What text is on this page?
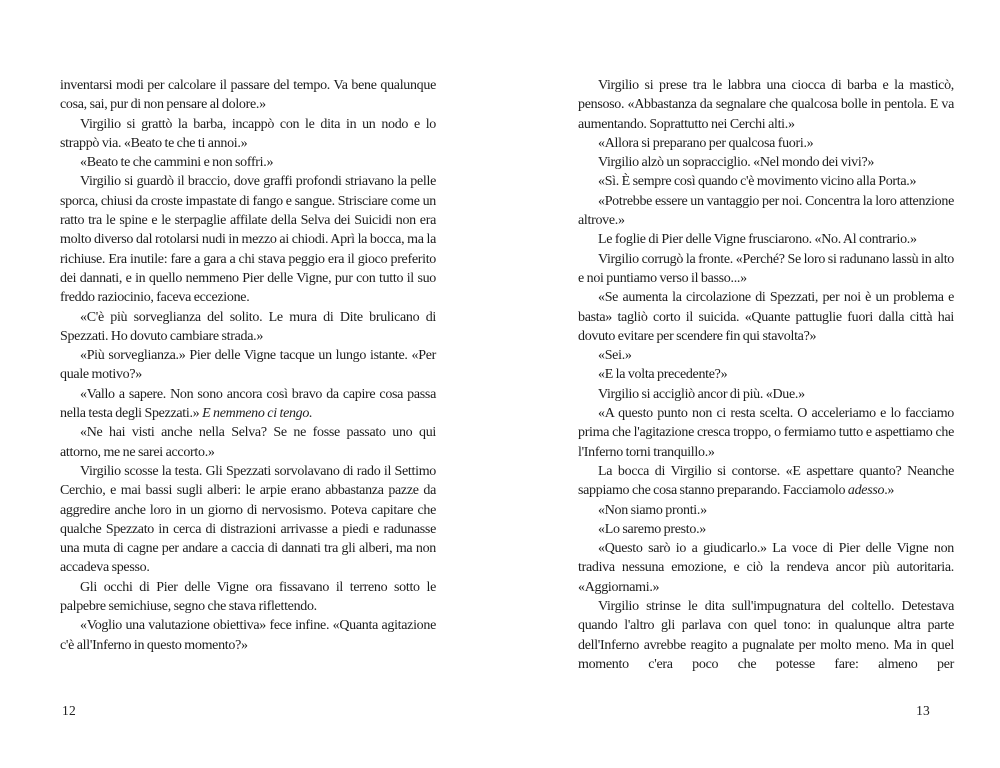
inventarsi modi per calcolare il passare del tempo. Va bene qualunque cosa, sai, pur di non pensare al dolore.»

Virgilio si grattò la barba, incappò con le dita in un nodo e lo strappò via. «Beato te che ti annoi.»

«Beato te che cammini e non soffri.»

Virgilio si guardò il braccio, dove graffi profondi striavano la pelle sporca, chiusi da croste impastate di fango e sangue. Strisciare come un ratto tra le spine e le sterpaglie affilate della Selva dei Suicidi non era molto diverso dal rotolarsi nudi in mezzo ai chiodi. Aprì la bocca, ma la richiuse. Era inutile: fare a gara a chi stava peggio era il gioco preferito dei dannati, e in quello nemmeno Pier delle Vigne, pur con tutto il suo freddo raziocinio, faceva eccezione.

«C'è più sorveglianza del solito. Le mura di Dite brulicano di Spezzati. Ho dovuto cambiare strada.»

«Più sorveglianza.» Pier delle Vigne tacque un lungo istante. «Per quale motivo?»

«Vallo a sapere. Non sono ancora così bravo da capire cosa passa nella testa degli Spezzati.» E nemmeno ci tengo.

«Ne hai visti anche nella Selva? Se ne fosse passato uno qui attorno, me ne sarei accorto.»

Virgilio scosse la testa. Gli Spezzati sorvolavano di rado il Settimo Cerchio, e mai bassi sugli alberi: le arpie erano abbastanza pazze da aggredire anche loro in un giorno di nervosismo. Poteva capitare che qualche Spezzato in cerca di distrazioni arrivasse a piedi e radunasse una muta di cagne per andare a caccia di dannati tra gli alberi, ma non accadeva spesso.

Gli occhi di Pier delle Vigne ora fissavano il terreno sotto le palpebre semichiuse, segno che stava riflettendo.

«Voglio una valutazione obiettiva» fece infine. «Quanta agitazione c'è all'Inferno in questo momento?»

12

Virgilio si prese tra le labbra una ciocca di barba e la masticò, pensoso. «Abbastanza da segnalare che qualcosa bolle in pentola. E va aumentando. Soprattutto nei Cerchi alti.»

«Allora si preparano per qualcosa fuori.»

Virgilio alzò un sopracciglio. «Nel mondo dei vivi?»

«Sì. È sempre così quando c'è movimento vicino alla Porta.»

«Potrebbe essere un vantaggio per noi. Concentra la loro attenzione altrove.»

Le foglie di Pier delle Vigne frusciarono. «No. Al contrario.»

Virgilio corrugò la fronte. «Perché? Se loro si radunano lassù in alto e noi puntiamo verso il basso...»

«Se aumenta la circolazione di Spezzati, per noi è un problema e basta» tagliò corto il suicida. «Quante pattuglie fuori dalla città hai dovuto evitare per scendere fin qui stavolta?»

«Sei.»

«E la volta precedente?»

Virgilio si accigliò ancor di più. «Due.»

«A questo punto non ci resta scelta. O acceleriamo e lo facciamo prima che l'agitazione cresca troppo, o fermiamo tutto e aspettiamo che l'Inferno torni tranquillo.»

La bocca di Virgilio si contorse. «E aspettare quanto? Neanche sappiamo che cosa stanno preparando. Facciamolo adesso.»

«Non siamo pronti.»

«Lo saremo presto.»

«Questo sarò io a giudicarlo.» La voce di Pier delle Vigne non tradiva nessuna emozione, e ciò la rendeva ancor più autoritaria. «Aggiornami.»

Virgilio strinse le dita sull'impugnatura del coltello. Detestava quando l'altro gli parlava con quel tono: in qualunque altra parte dell'Inferno avrebbe reagito a pugnalate per molto meno. Ma in quel momento c'era poco che potesse fare: almeno per

13
